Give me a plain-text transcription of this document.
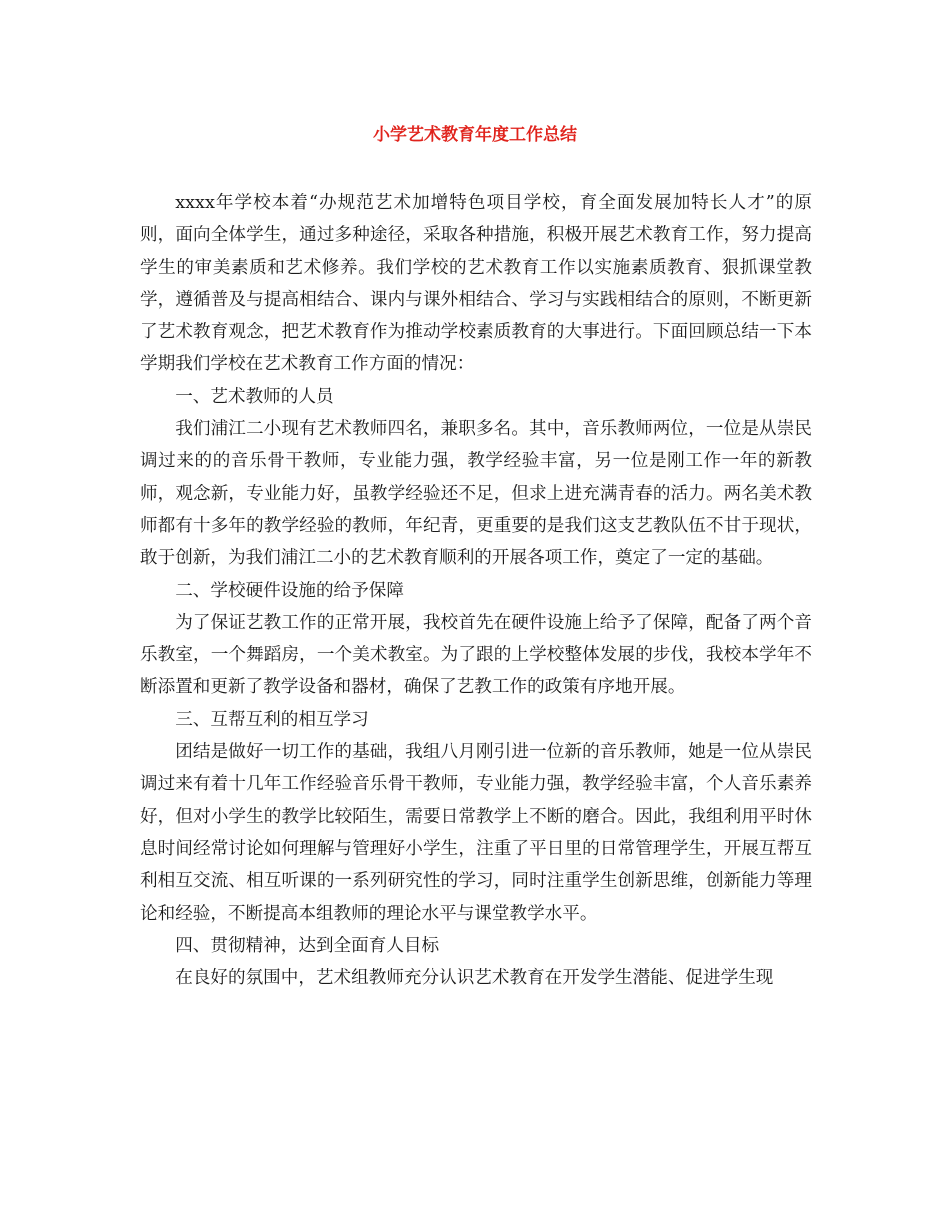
小学艺术教育年度工作总结

xxxx年学校本着“办规范艺术加增特色项目学校，育全面发展加特长人才”的原则，面向全体学生，通过多种途径，采取各种措施，积极开展艺术教育工作，努力提高学生的审美素质和艺术修养。我们学校的艺术教育工作以实施素质教育、狠抓课堂教学，遵循普及与提高相结合、课内与课外相结合、学习与实践相结合的原则，不断更新了艺术教育观念，把艺术教育作为推动学校素质教育的大事进行。下面回顾总结一下本学期我们学校在艺术教育工作方面的情况：

一、艺术教师的人员

我们浦江二小现有艺术教师四名，兼职多名。其中，音乐教师两位，一位是从崇民调过来的的音乐骨干教师，专业能力强，教学经验丰富，另一位是刚工作一年的新教师，观念新，专业能力好，虽教学经验还不足，但求上进充满青春的活力。两名美术教师都有十多年的教学经验的教师，年纪青，更重要的是我们这支艺教队伍不甘于现状，敢于创新，为我们浦江二小的艺术教育顺利的开展各项工作，奠定了一定的基础。

二、学校硬件设施的给予保障

为了保证艺教工作的正常开展，我校首先在硬件设施上给予了保障，配备了两个音乐教室，一个舞蹈房，一个美术教室。为了跟的上学校整体发展的步伐，我校本学年不断添置和更新了教学设备和器材，确保了艺教工作的政策有序地开展。

三、互帮互利的相互学习

团结是做好一切工作的基础，我组八月刚引进一位新的音乐教师，她是一位从崇民调过来有着十几年工作经验音乐骨干教师，专业能力强，教学经验丰富，个人音乐素养好，但对小学生的教学比较陌生，需要日常教学上不断的磨合。因此，我组利用平时休息时间经常讨论如何理解与管理好小学生，注重了平日里的日常管理学生，开展互帮互利相互交流、相互听课的一系列研究性的学习，同时注重学生创新思维，创新能力等理论和经验，不断提高本组教师的理论水平与课堂教学水平。

四、贯彻精神，达到全面育人目标

在良好的氛围中，艺术组教师充分认识艺术教育在开发学生潜能、促进学生现
